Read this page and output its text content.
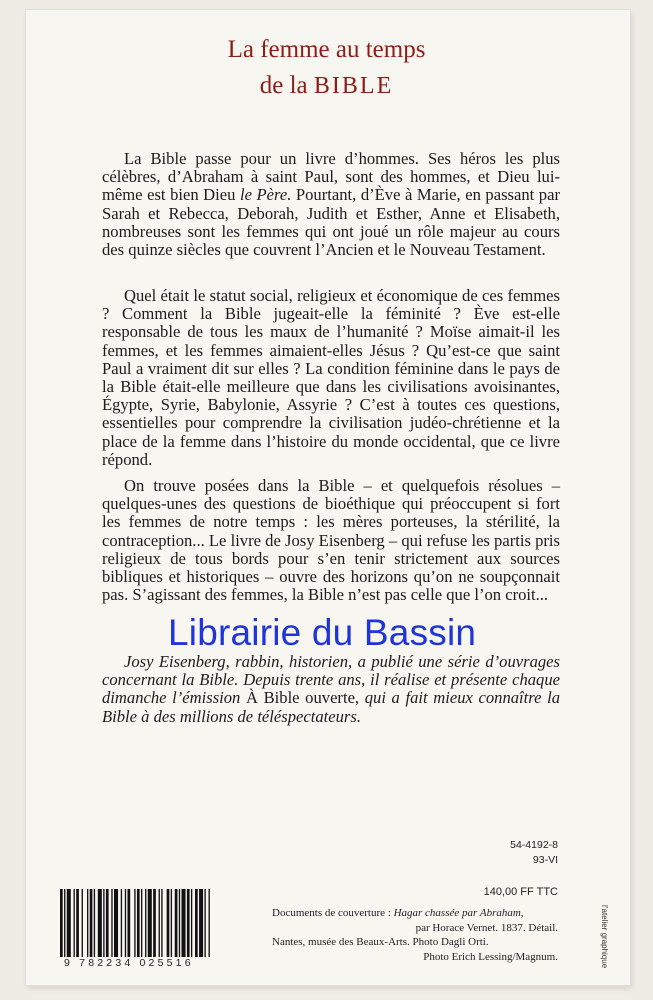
La femme au temps
de la BIBLE
La Bible passe pour un livre d’hommes. Ses héros les plus célèbres, d’Abraham à saint Paul, sont des hommes, et Dieu lui-même est bien Dieu le Père. Pourtant, d’Ève à Marie, en passant par Sarah et Rebecca, Deborah, Judith et Esther, Anne et Elisabeth, nombreuses sont les femmes qui ont joué un rôle majeur au cours des quinze siècles que couvrent l’Ancien et le Nouveau Testament.
Quel était le statut social, religieux et économique de ces femmes ? Comment la Bible jugeait-elle la féminité ? Ève est-elle responsable de tous les maux de l’humanité ? Moïse aimait-il les femmes, et les femmes aimaient-elles Jésus ? Qu’est-ce que saint Paul a vraiment dit sur elles ? La condition féminine dans le pays de la Bible était-elle meilleure que dans les civilisations avoisinantes, Égypte, Syrie, Babylonie, Assyrie ? C’est à toutes ces questions, essentielles pour comprendre la civilisation judéo-chrétienne et la place de la femme dans l’histoire du monde occidental, que ce livre répond.
On trouve posées dans la Bible – et quelquefois résolues – quelques-unes des questions de bioéthique qui préoccupent si fort les femmes de notre temps : les mères porteuses, la stérilité, la contraception... Le livre de Josy Eisenberg – qui refuse les partis pris religieux de tous bords pour s’en tenir strictement aux sources bibliques et historiques – ouvre des horizons qu’on ne soupçonnait pas. S’agissant des femmes, la Bible n’est pas celle que l’on croit...
Josy Eisenberg, rabbin, historien, a publié une série d’ouvrages concernant la Bible. Depuis trente ans, il réalise et présente chaque dimanche l’émission À Bible ouverte, qui a fait mieux connaître la Bible à des millions de téléspectateurs.
Librairie du Bassin
54-4192-8
93-VI
140,00 FF TTC
Documents de couverture : Hagar chassée par Abraham,
par Horace Vernet. 1837. Détail.
Nantes, musée des Beaux-Arts. Photo Dagli Orti.
Photo Erich Lessing/Magnum.
9 782234 025516	l’atelier graphique
